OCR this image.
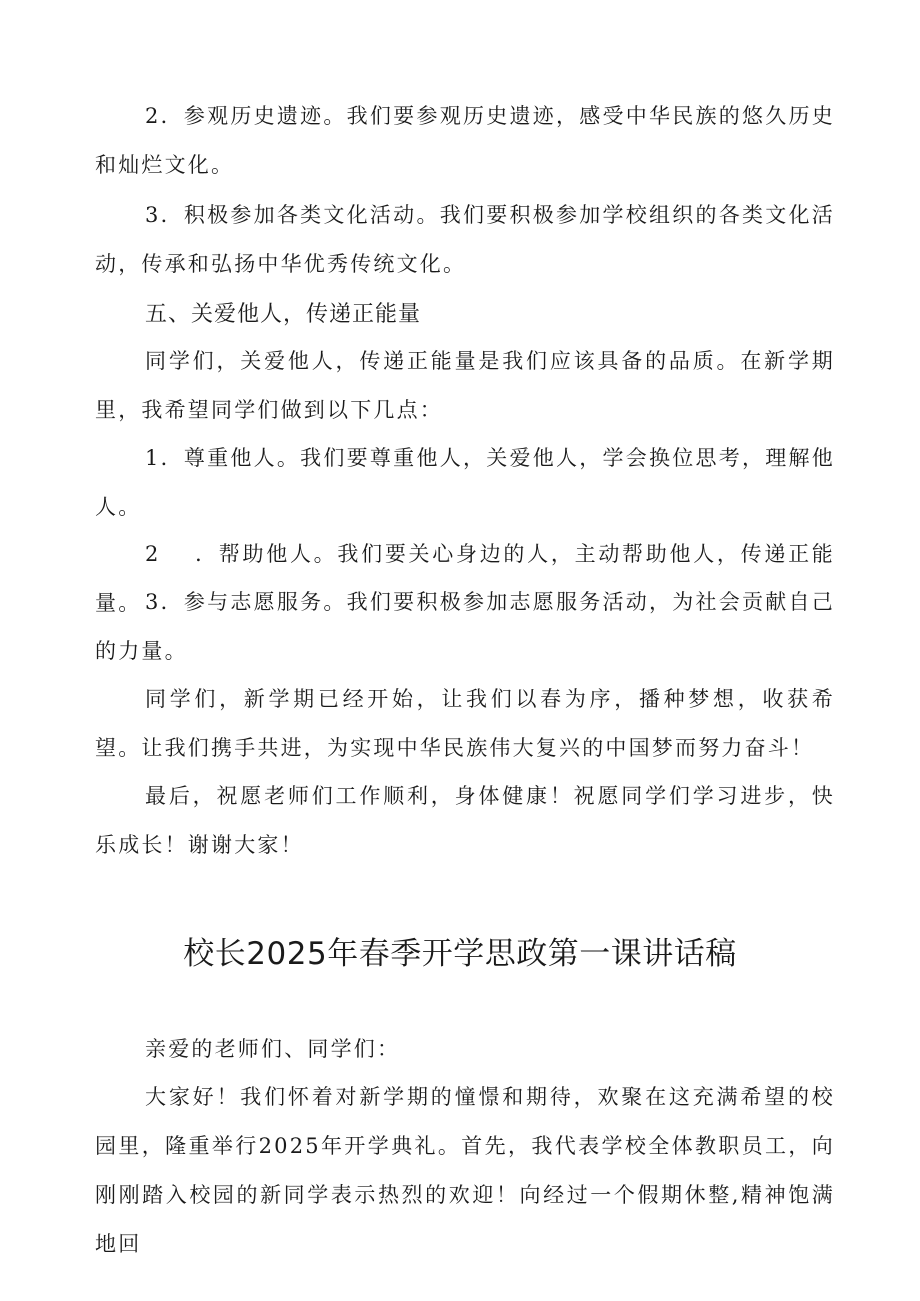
2．参观历史遗迹。我们要参观历史遗迹，感受中华民族的悠久历史和灿烂文化。

3．积极参加各类文化活动。我们要积极参加学校组织的各类文化活动，传承和弘扬中华优秀传统文化。

五、关爱他人，传递正能量

同学们，关爱他人，传递正能量是我们应该具备的品质。在新学期里，我希望同学们做到以下几点：

1．尊重他人。我们要尊重他人，关爱他人，学会换位思考，理解他人。

2 ．帮助他人。我们要关心身边的人，主动帮助他人，传递正能量。 3．参与志愿服务。我们要积极参加志愿服务活动，为社会贡献自己的力量。

同学们，新学期已经开始，让我们以春为序，播种梦想，收获希望。让我们携手共进，为实现中华民族伟大复兴的中国梦而努力奋斗！

最后，祝愿老师们工作顺利，身体健康！祝愿同学们学习进步，快乐成长！谢谢大家！

校长2025年春季开学思政第一课讲话稿

亲爱的老师们、同学们：

大家好！我们怀着对新学期的憧憬和期待，欢聚在这充满希望的校园里，隆重举行2025年开学典礼。首先，我代表学校全体教职员工，向刚刚踏入校园的新同学表示热烈的欢迎！向经过一个假期休整,精神饱满地回
